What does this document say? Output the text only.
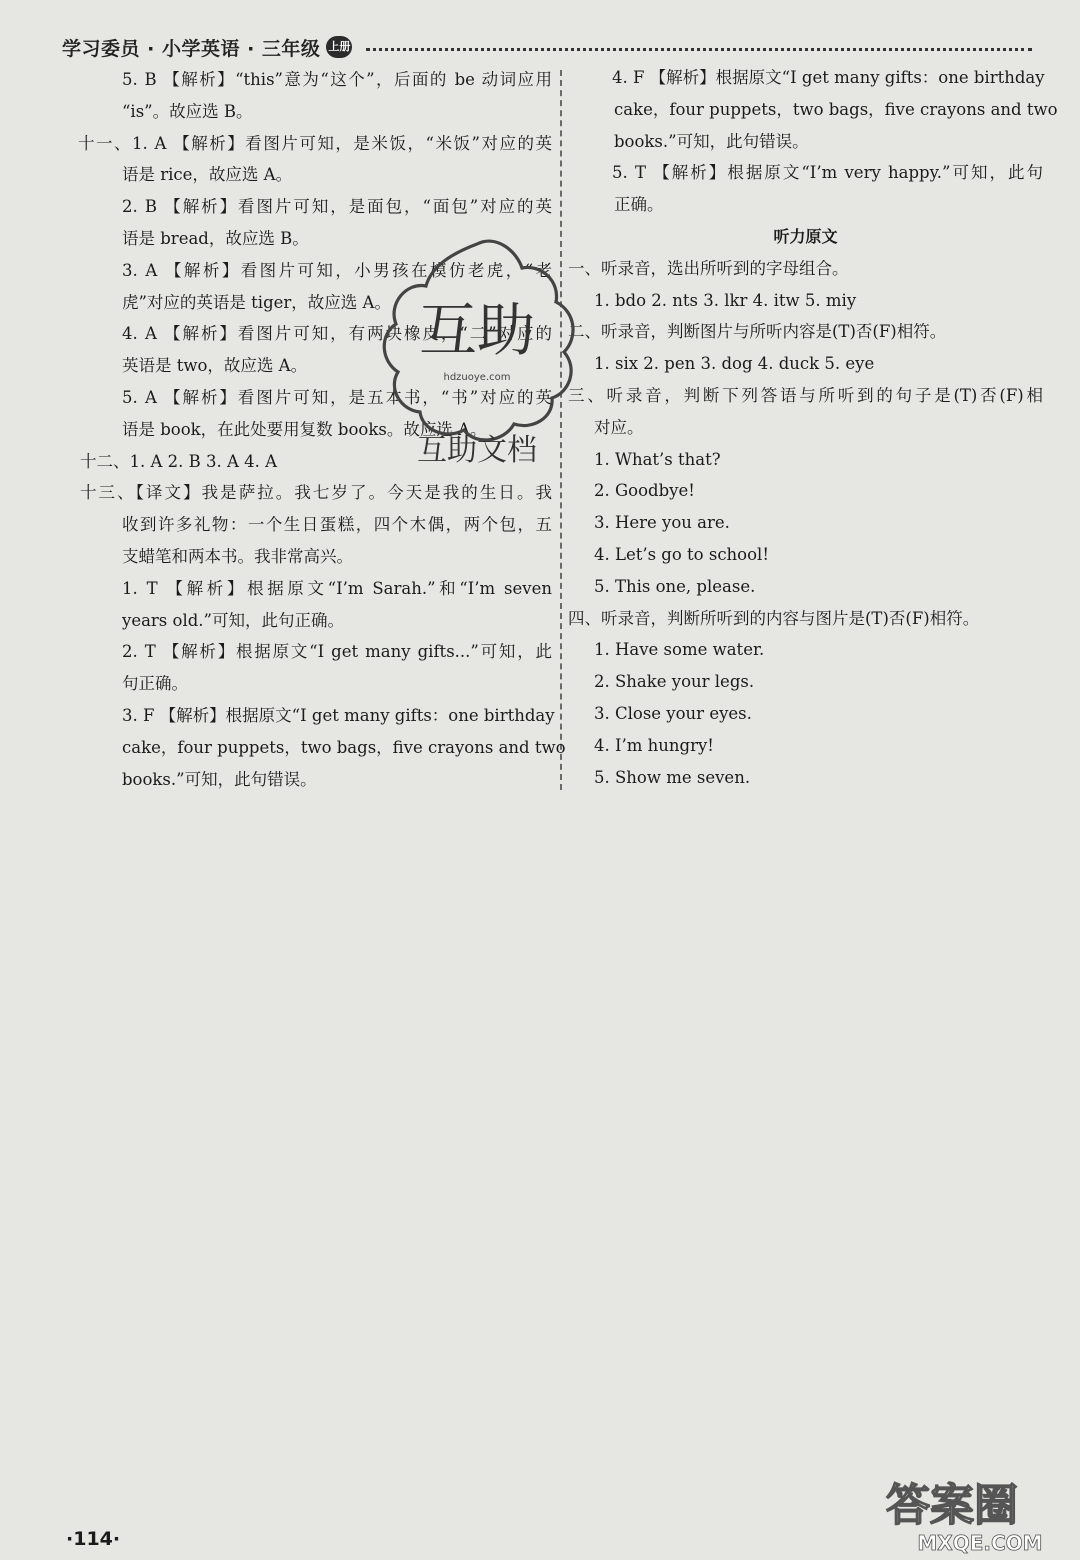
学习委员 · 小学英语 · 三年级 上册
5. B 【解析】“this”意为“这个”，后面的 be 动词应用
“is”。故应选 B。
十一、1. A 【解析】看图片可知，是米饭，“米饭”对应的英
语是 rice，故应选 A。
2. B 【解析】看图片可知，是面包，“面包”对应的英
语是 bread，故应选 B。
3. A 【解析】看图片可知，小男孩在模仿老虎，“老
虎”对应的英语是 tiger，故应选 A。
4. A 【解析】看图片可知，有两块橡皮，“二”对应的
英语是 two，故应选 A。
5. A 【解析】看图片可知，是五本书，“书”对应的英
语是 book，在此处要用复数 books。故应选 A。
十二、1. A 2. B 3. A 4. A
十三、【译文】我是萨拉。我七岁了。今天是我的生日。我
收到许多礼物：一个生日蛋糕，四个木偶，两个包，五
支蜡笔和两本书。我非常高兴。
1. T 【解析】根据原文“I’m Sarah.”和“I’m seven
years old.”可知，此句正确。
2. T 【解析】根据原文“I get many gifts...”可知，此
句正确。
3. F 【解析】根据原文“I get many gifts：one birthday
cake，four puppets，two bags，five crayons and two
books.”可知，此句错误。
4. F 【解析】根据原文“I get many gifts：one birthday
cake，four puppets，two bags，five crayons and two
books.”可知，此句错误。
5. T 【解析】根据原文“I’m very happy.”可知，此句
正确。
听力原文
一、听录音，选出所听到的字母组合。
1. bdo 2. nts 3. lkr 4. itw 5. miy
二、听录音，判断图片与所听内容是(T)否(F)相符。
1. six 2. pen 3. dog 4. duck 5. eye
三、听录音，判断下列答语与所听到的句子是(T)否(F)相
对应。
1. What’s that?
2. Goodbye!
3. Here you are.
4. Let’s go to school!
5. This one, please.
四、听录音，判断所听到的内容与图片是(T)否(F)相符。
1. Have some water.
2. Shake your legs.
3. Close your eyes.
4. I’m hungry!
5. Show me seven.
互助
hdzuoye.com
互助文档
答案圈
MXQE.COM
·114·
